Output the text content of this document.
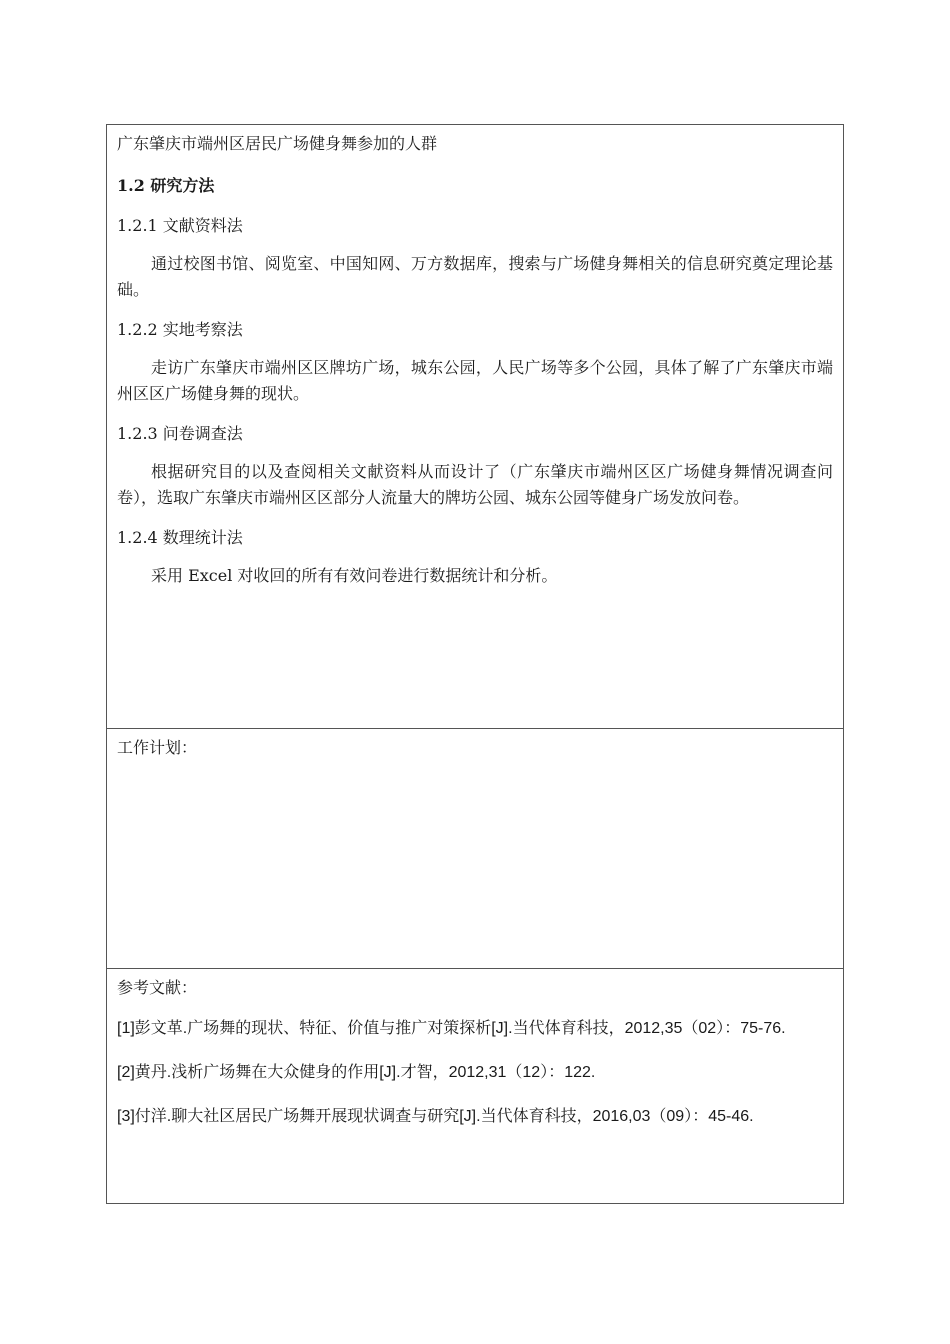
广东肇庆市端州区居民广场健身舞参加的人群

1.2 研究方法

1.2.1 文献资料法

通过校图书馆、阅览室、中国知网、万方数据库，搜索与广场健身舞相关的信息研究奠定理论基础。

1.2.2 实地考察法

走访广东肇庆市端州区区牌坊广场，城东公园，人民广场等多个公园，具体了解了广东肇庆市端州区区广场健身舞的现状。

1.2.3 问卷调查法

根据研究目的以及查阅相关文献资料从而设计了（广东肇庆市端州区区广场健身舞情况调查问卷），选取广东肇庆市端州区区部分人流量大的牌坊公园、城东公园等健身广场发放问卷。

1.2.4 数理统计法

采用 Excel 对收回的所有有效问卷进行数据统计和分析。

工作计划：

参考文献：

[1]彭文革.广场舞的现状、特征、价值与推广对策探析[J].当代体育科技，2012,35（02）：75-76.

[2]黄丹.浅析广场舞在大众健身的作用[J].才智，2012,31（12）：122.

[3]付洋.聊大社区居民广场舞开展现状调查与研究[J].当代体育科技，2016,03（09）：45-46.
